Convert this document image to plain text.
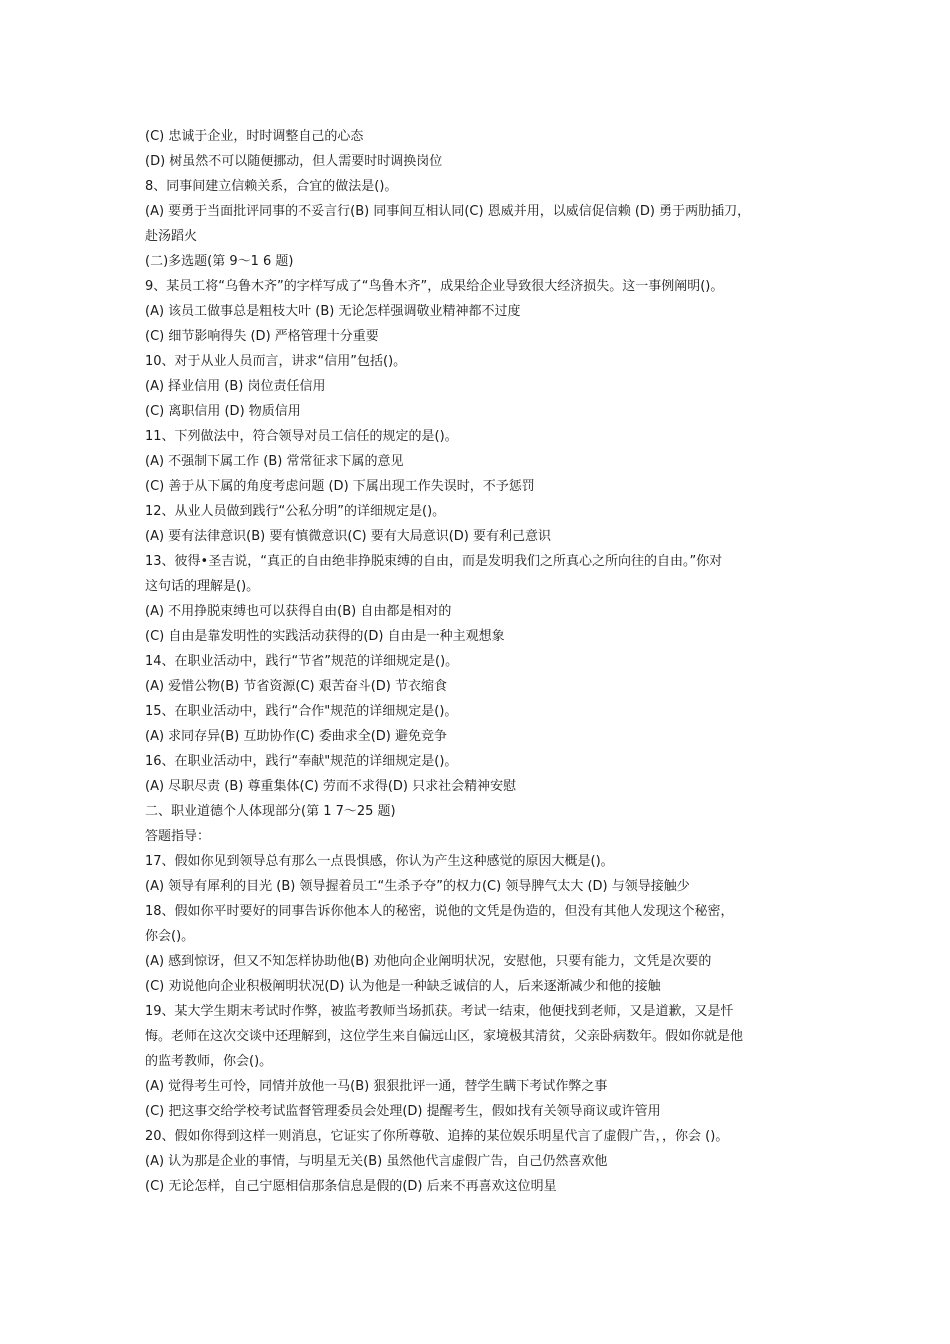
(C) 忠诚于企业，时时调整自己的心态

(D) 树虽然不可以随便挪动，但人需要时时调换岗位

8、同事间建立信赖关系，合宜的做法是()。

(A) 要勇于当面批评同事的不妥言行(B) 同事间互相认同(C) 恩威并用，以威信促信赖 (D) 勇于两肋插刀，

赴汤蹈火

(二)多选题(第 9～1 6 题)

9、某员工将“乌鲁木齐”的字样写成了“鸟鲁木齐”，成果给企业导致很大经济损失。这一事例阐明()。

(A) 该员工做事总是粗枝大叶 (B) 无论怎样强调敬业精神都不过度

(C) 细节影响得失 (D) 严格管理十分重要

10、对于从业人员而言，讲求“信用”包括()。

(A) 择业信用 (B) 岗位责任信用

(C) 离职信用 (D) 物质信用

11、下列做法中，符合领导对员工信任的规定的是()。

(A) 不强制下属工作 (B) 常常征求下属的意见

(C) 善于从下属的角度考虑问题 (D) 下属出现工作失误时，不予惩罚

12、从业人员做到践行“公私分明”的详细规定是()。

(A) 要有法律意识(B) 要有慎微意识(C) 要有大局意识(D) 要有利己意识

13、彼得•圣吉说，“真正的自由绝非挣脱束缚的自由，而是发明我们之所真心之所向往的自由。”你对

这句话的理解是()。

(A) 不用挣脱束缚也可以获得自由(B) 自由都是相对的

(C) 自由是靠发明性的实践活动获得的(D) 自由是一种主观想象

14、在职业活动中，践行“节省”规范的详细规定是()。

(A) 爱惜公物(B) 节省资源(C) 艰苦奋斗(D) 节衣缩食

15、在职业活动中，践行“合作"规范的详细规定是()。

(A) 求同存异(B) 互助协作(C) 委曲求全(D) 避免竞争

16、在职业活动中，践行“奉献"规范的详细规定是()。

(A) 尽职尽责 (B) 尊重集体(C) 劳而不求得(D) 只求社会精神安慰

二、职业道德个人体现部分(第 1 7～25 题)

答题指导：

17、假如你见到领导总有那么一点畏惧感，你认为产生这种感觉的原因大概是()。

(A) 领导有犀利的目光 (B) 领导握着员工“生杀予夺”的权力(C) 领导脾气太大 (D) 与领导接触少

18、假如你平时要好的同事告诉你他本人的秘密，说他的文凭是伪造的，但没有其他人发现这个秘密，

你会()。

(A) 感到惊讶，但又不知怎样协助他(B) 劝他向企业阐明状况，安慰他，只要有能力，文凭是次要的

(C) 劝说他向企业积极阐明状况(D) 认为他是一种缺乏诚信的人，后来逐渐减少和他的接触

19、某大学生期末考试时作弊，被监考教师当场抓获。考试一结束，他便找到老师，又是道歉，又是忏

悔。老师在这次交谈中还理解到，这位学生来自偏远山区，家境极其清贫，父亲卧病数年。假如你就是他

的监考教师，你会()。

(A) 觉得考生可怜，同情并放他一马(B) 狠狠批评一通，替学生瞒下考试作弊之事

(C) 把这事交给学校考试监督管理委员会处理(D) 提醒考生，假如找有关领导商议或许管用

20、假如你得到这样一则消息，它证实了你所尊敬、追捧的某位娱乐明星代言了虚假广告，，你会 ()。

(A) 认为那是企业的事情，与明星无关(B) 虽然他代言虚假广告，自己仍然喜欢他

(C) 无论怎样，自己宁愿相信那条信息是假的(D) 后来不再喜欢这位明星
